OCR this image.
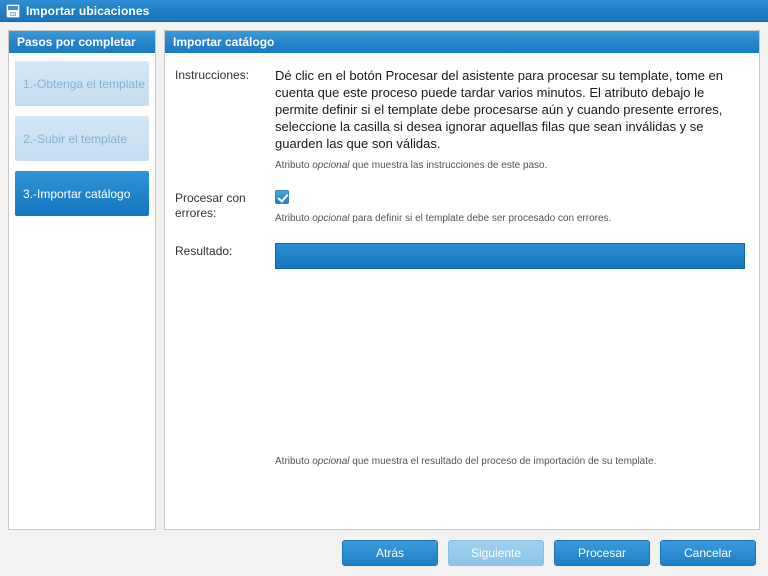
Importar ubicaciones
Pasos por completar
1.-Obtenga el template
2.-Subir el template
3.-Importar catálogo
Importar catálogo
Instrucciones:	Dé clic en el botón Procesar del asistente para procesar su template, tome en cuenta que este proceso puede tardar varios minutos. El atributo debajo le permite definir si el template debe procesarse aún y cuando presente errores, seleccione la casilla si desea ignorar aquellas filas que sean inválidas y se guarden las que son válidas.

Atributo opcional que muestra las instrucciones de este paso.
Procesar con errores:	Atributo opcional para definir si el template debe ser procesado con errores.
Resultado:
Atributo opcional que muestra el resultado del proceso de importación de su template.
Atrás	Siguiente	Procesar	Cancelar
